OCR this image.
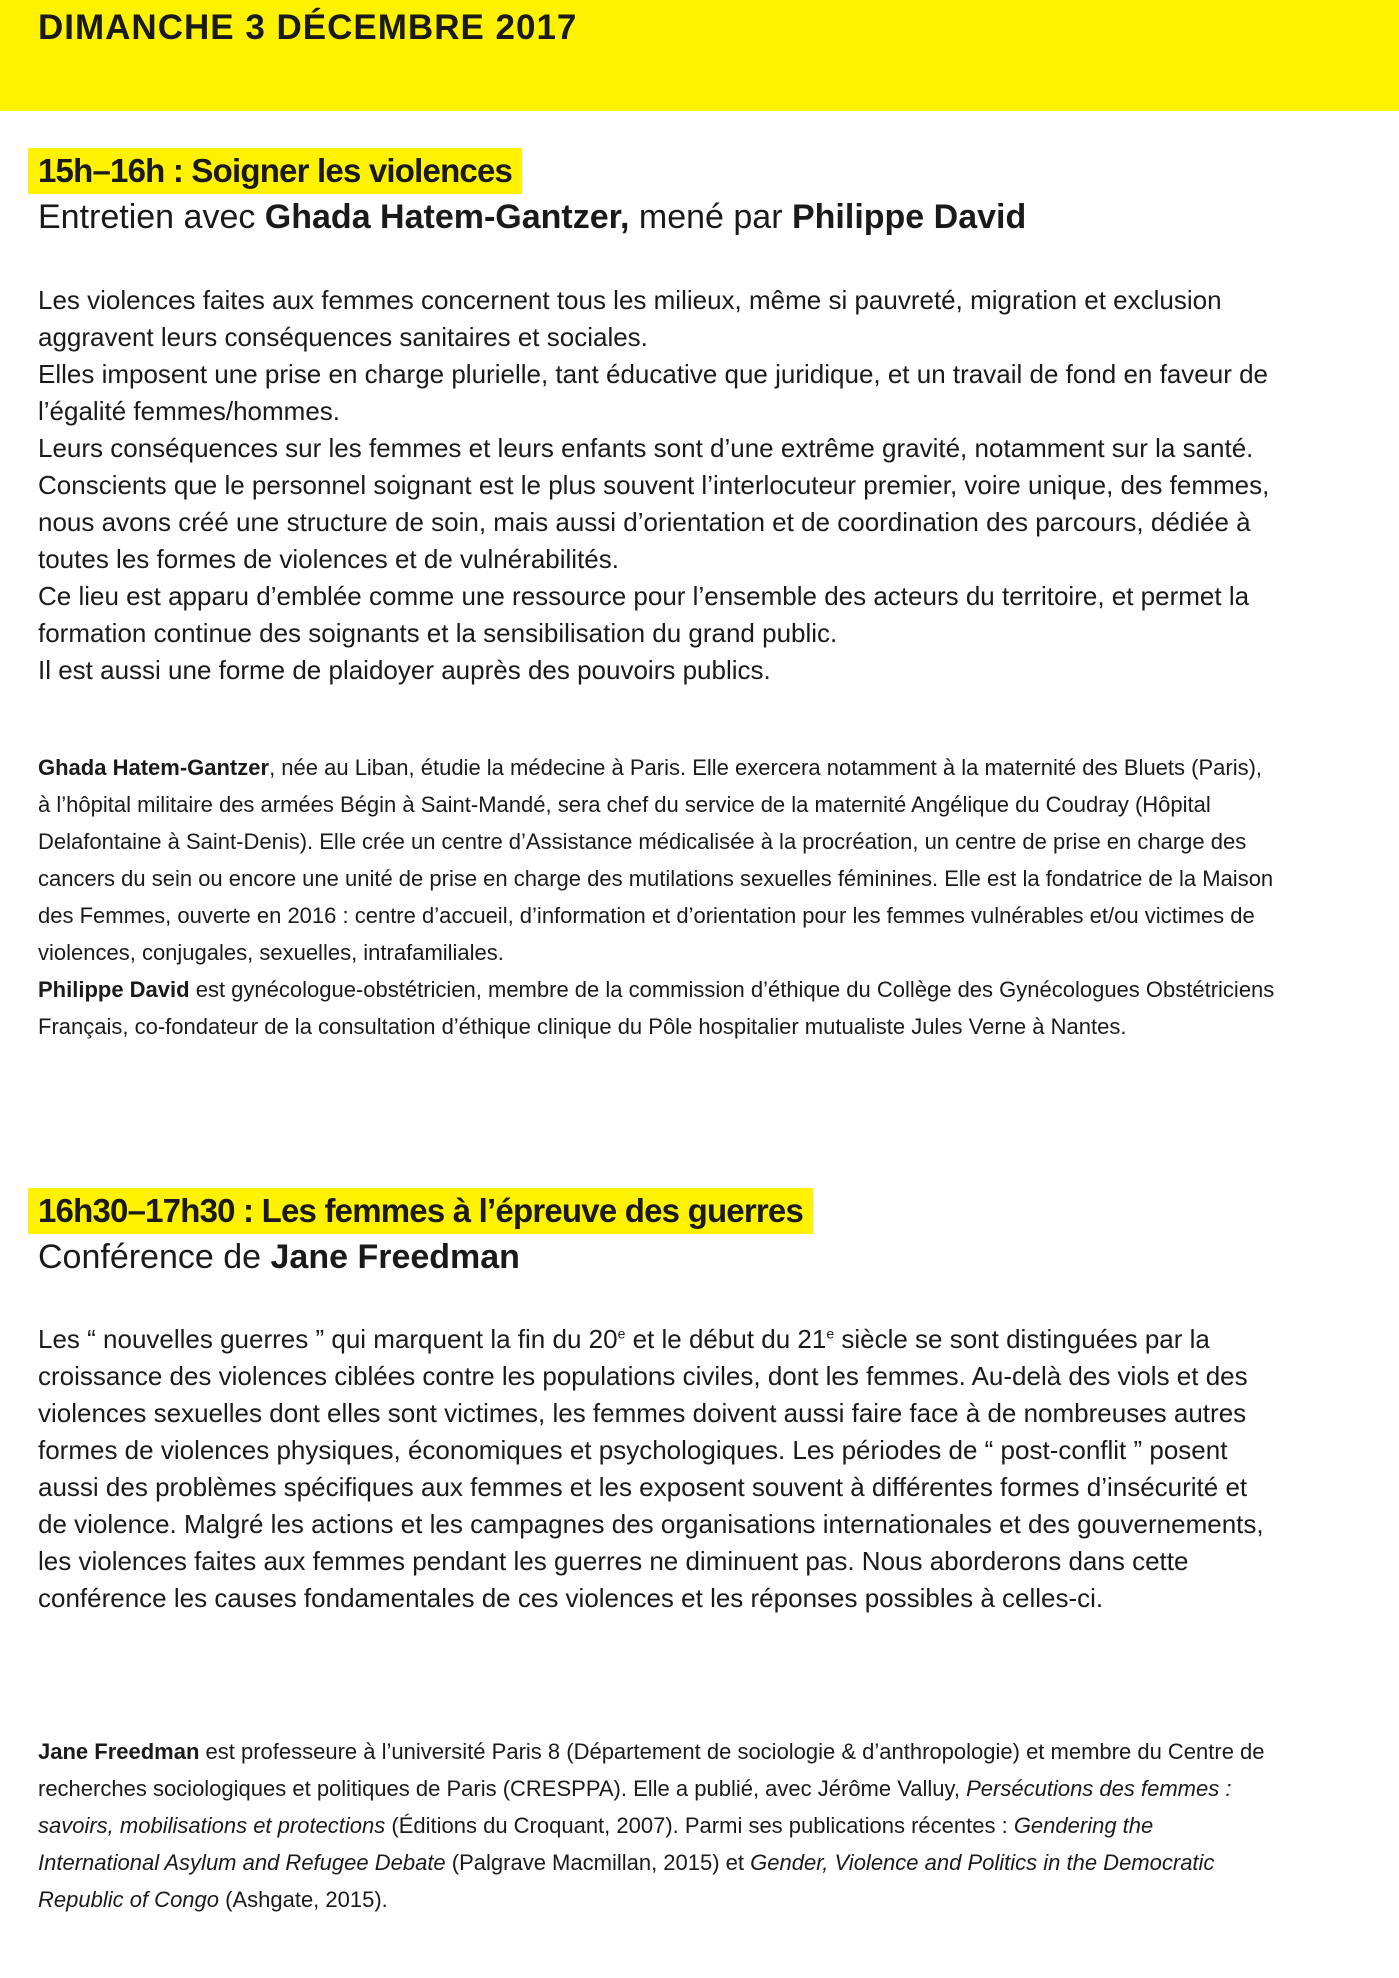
DIMANCHE 3 DÉCEMBRE 2017
15h–16h : Soigner les violences
Entretien avec Ghada Hatem-Gantzer, mené par Philippe David

Les violences faites aux femmes concernent tous les milieux, même si pauvreté, migration et exclusion aggravent leurs conséquences sanitaires et sociales.

Elles imposent une prise en charge plurielle, tant éducative que juridique, et un travail de fond en faveur de l’égalité femmes/hommes.

Leurs conséquences sur les femmes et leurs enfants sont d’une extrême gravité, notamment sur la santé.

Conscients que le personnel soignant est le plus souvent l’interlocuteur premier, voire unique, des femmes, nous avons créé une structure de soin, mais aussi d’orientation et de coordination des parcours, dédiée à toutes les formes de violences et de vulnérabilités.

Ce lieu est apparu d’emblée comme une ressource pour l’ensemble des acteurs du territoire, et permet la formation continue des soignants et la sensibilisation du grand public.

Il est aussi une forme de plaidoyer auprès des pouvoirs publics.

Ghada Hatem-Gantzer, née au Liban, étudie la médecine à Paris. Elle exercera notamment à la maternité des Bluets (Paris), à l’hôpital militaire des armées Bégin à Saint-Mandé, sera chef du service de la maternité Angélique du Coudray (Hôpital Delafontaine à Saint-Denis). Elle crée un centre d’Assistance médicalisée à la procréation, un centre de prise en charge des cancers du sein ou encore une unité de prise en charge des mutilations sexuelles féminines. Elle est la fondatrice de la Maison des Femmes, ouverte en 2016 : centre d’accueil, d’information et d’orientation pour les femmes vulnérables et/ou victimes de violences, conjugales, sexuelles, intrafamiliales.

Philippe David est gynécologue-obstétricien, membre de la commission d’éthique du Collège des Gynécologues Obstétriciens Français, co-fondateur de la consultation d’éthique clinique du Pôle hospitalier mutualiste Jules Verne à Nantes.

16h30–17h30 : Les femmes à l’épreuve des guerres
Conférence de Jane Freedman

Les “ nouvelles guerres ” qui marquent la fin du 20e et le début du 21e siècle se sont distinguées par la croissance des violences ciblées contre les populations civiles, dont les femmes. Au-delà des viols et des violences sexuelles dont elles sont victimes, les femmes doivent aussi faire face à de nombreuses autres formes de violences physiques, économiques et psychologiques. Les périodes de “ post-conflit ” posent aussi des problèmes spécifiques aux femmes et les exposent souvent à différentes formes d’insécurité et de violence. Malgré les actions et les campagnes des organisations internationales et des gouvernements, les violences faites aux femmes pendant les guerres ne diminuent pas. Nous aborderons dans cette conférence les causes fondamentales de ces violences et les réponses possibles à celles-ci.

Jane Freedman est professeure à l’université Paris 8 (Département de sociologie & d’anthropologie) et membre du Centre de recherches sociologiques et politiques de Paris (CRESPPA). Elle a publié, avec Jérôme Valluy, Persécutions des femmes : savoirs, mobilisations et protections (Éditions du Croquant, 2007). Parmi ses publications récentes : Gendering the International Asylum and Refugee Debate (Palgrave Macmillan, 2015) et Gender, Violence and Politics in the Democratic Republic of Congo (Ashgate, 2015).
